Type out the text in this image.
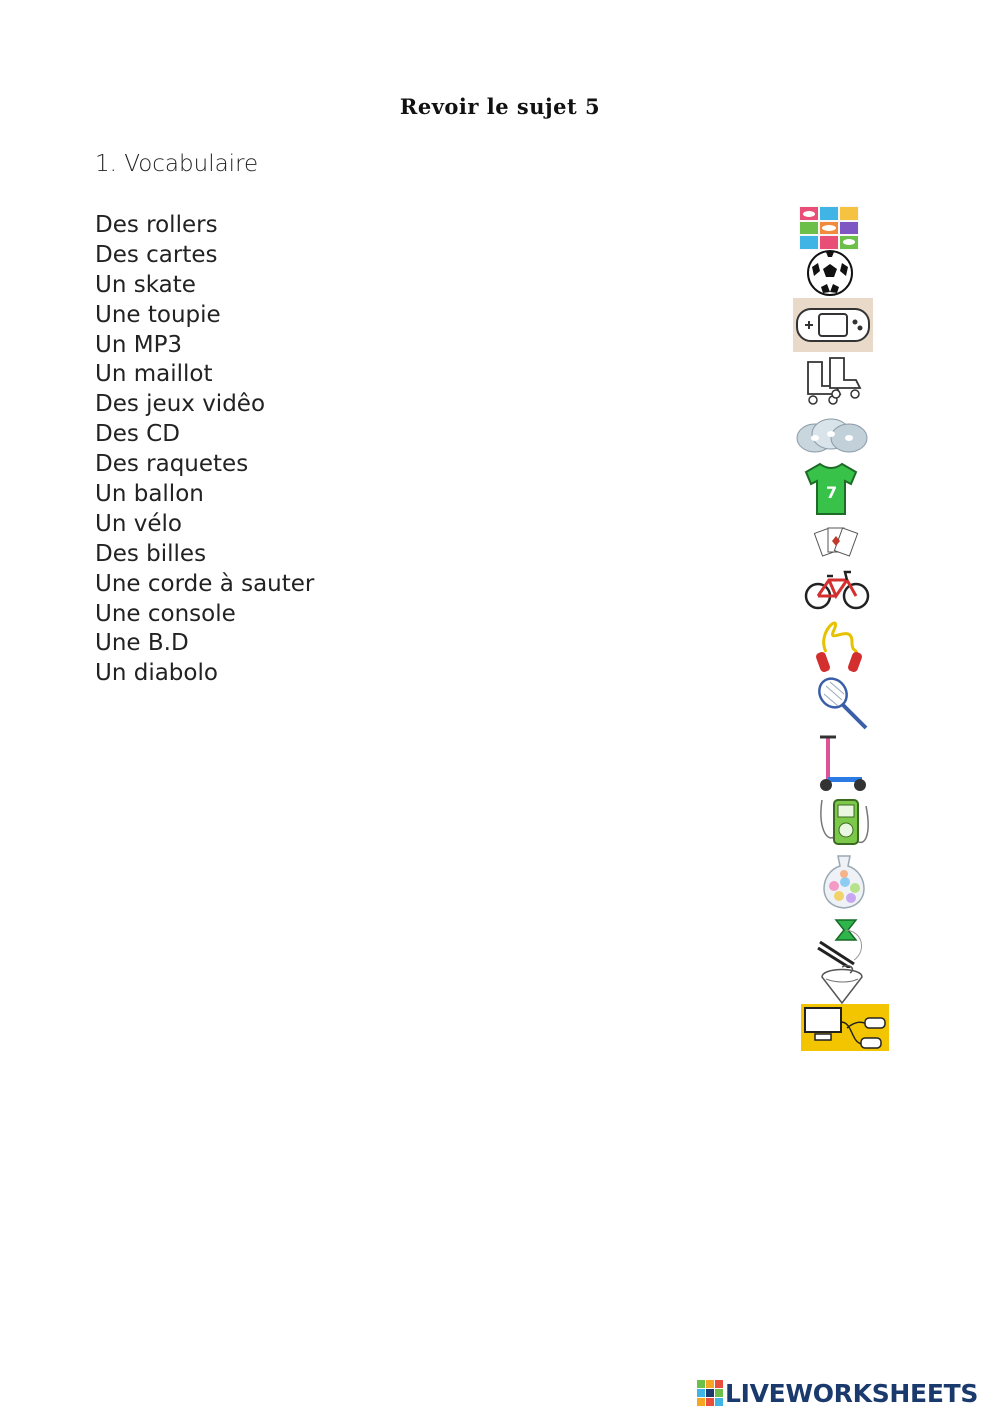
Revoir le sujet 5
1. Vocabulaire
Des rollers
Des cartes
Un skate
Une toupie
Un MP3
Un maillot
Des jeux vidêo
Des CD
Des raquetes
Un ballon
Un vélo
Des billes
Une corde à sauter
Une console
Une B.D
Un diabolo
7
LIVEWORKSHEETS
